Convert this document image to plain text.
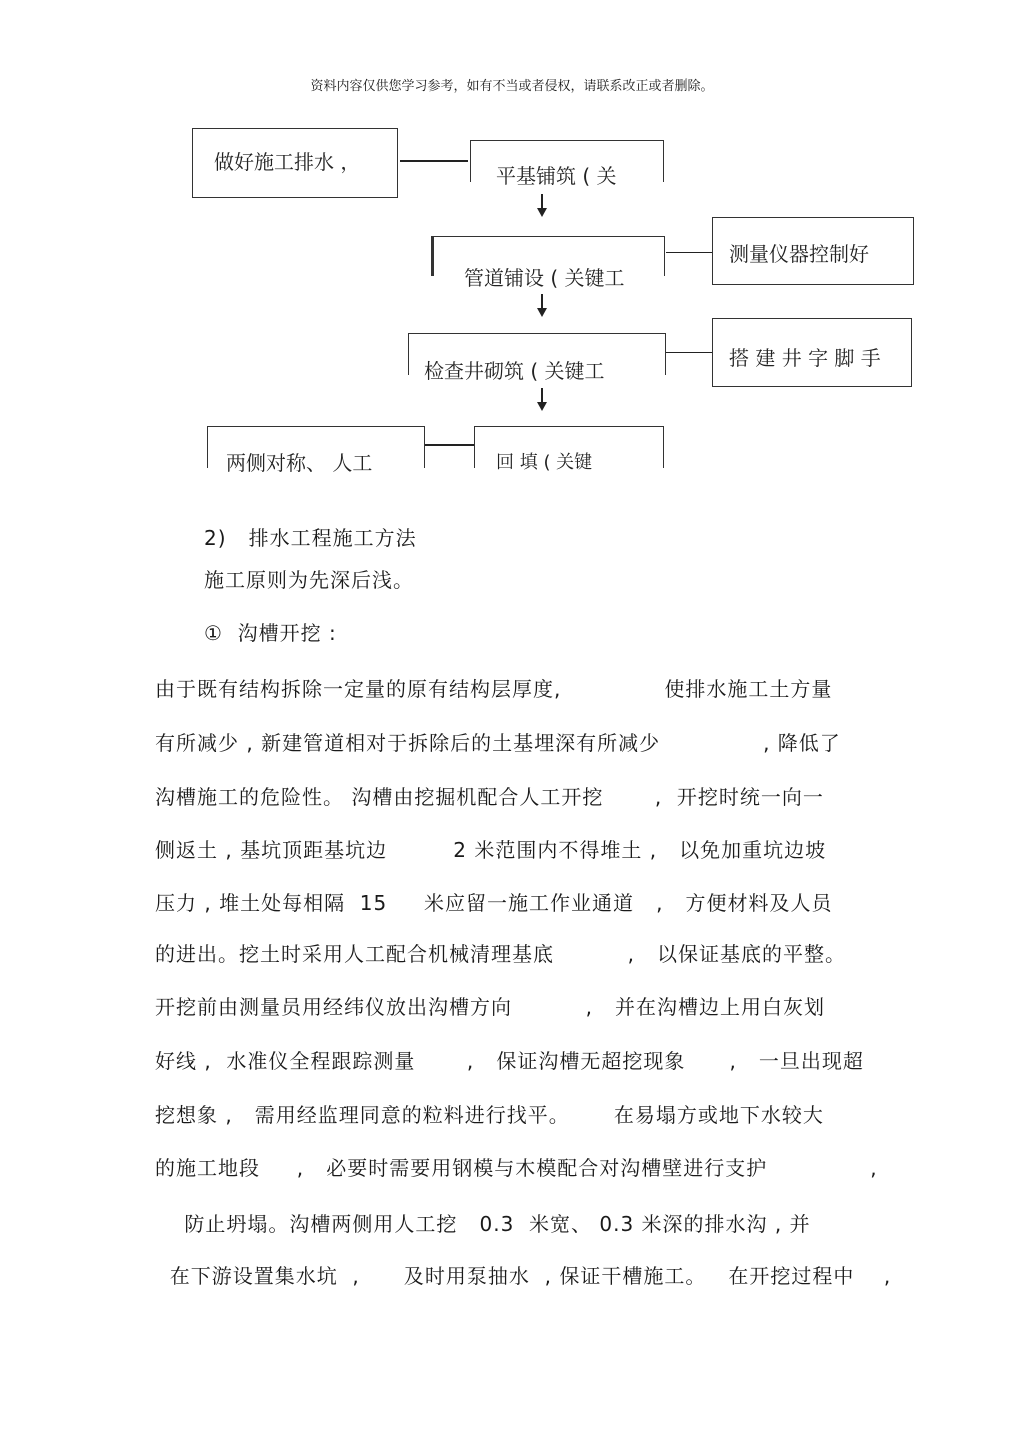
资料内容仅供您学习参考，如有不当或者侵权，请联系改正或者删除。
做好施工排水 ，
平基铺筑 ( 关
管道铺设 ( 关键工
测量仪器控制好
检查井砌筑 ( 关键工
搭 建 井 字 脚 手
两侧对称、 人工	回 填 ( 关键
2)   排水工程施工方法
施工原则为先深后浅。
①  沟槽开挖 :
由于既有结构拆除一定量的原有结构层厚度,              使排水施工土方量
有所减少 , 新建管道相对于拆除后的土基埋深有所减少              , 降低了
沟槽施工的危险性。 沟槽由挖掘机配合人工开挖       ,  开挖时统一向一
侧返土 , 基坑顶距基坑边         2 米范围内不得堆土 ,   以免加重坑边坡
压力 , 堆土处每相隔  15     米应留一施工作业通道   ,   方便材料及人员
的进出。挖土时采用人工配合机械清理基底          ,   以保证基底的平整。
开挖前由测量员用经纬仪放出沟槽方向          ,   并在沟槽边上用白灰划
好线 ,  水准仪全程跟踪测量       ,   保证沟槽无超挖现象      ,   一旦出现超
挖想象 ,   需用经监理同意的粒料进行找平。      在易塌方或地下水较大
的施工地段     ,   必要时需要用钢模与木模配合对沟槽壁进行支护              ,
防止坍塌。沟槽两侧用人工挖   0.3  米宽、 0.3 米深的排水沟 , 并
在下游设置集水坑  ,      及时用泵抽水  , 保证干槽施工。   在开挖过程中    ,
